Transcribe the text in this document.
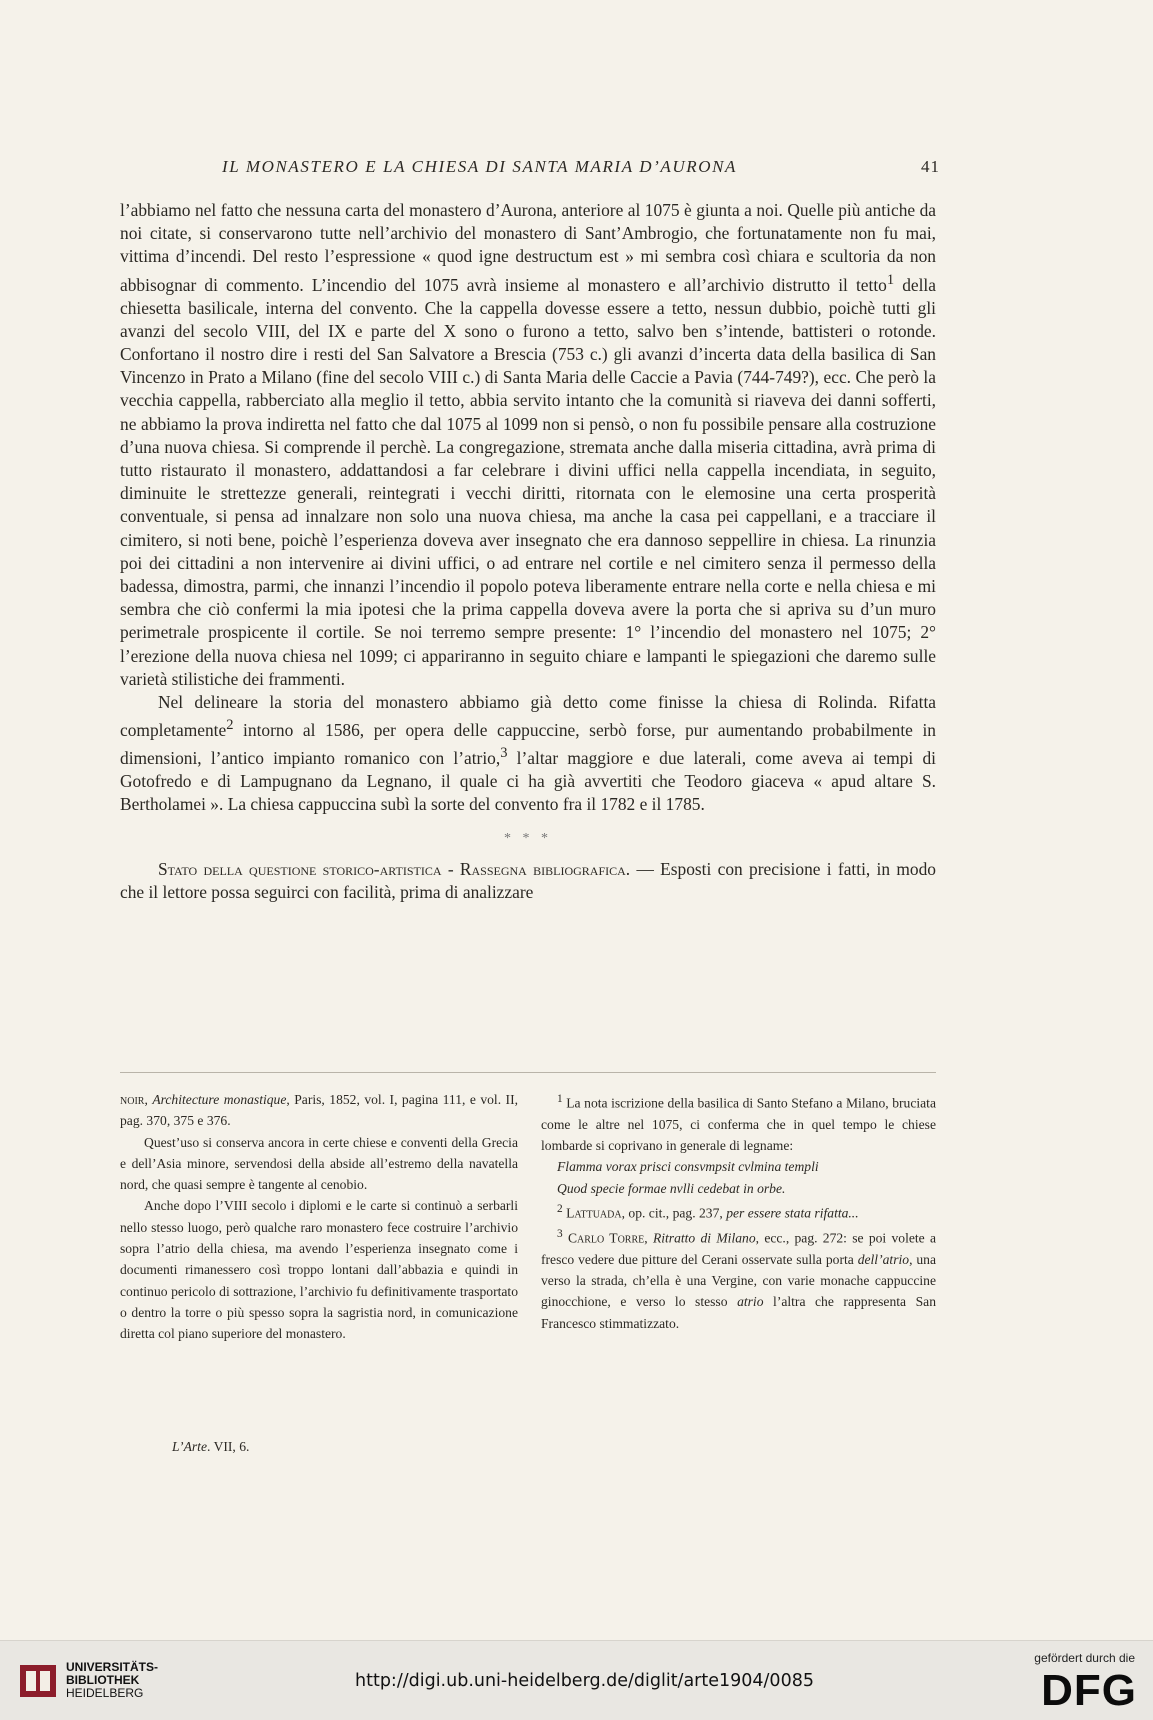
IL MONASTERO E LA CHIESA DI SANTA MARIA D’AURONA	41

l’abbiamo nel fatto che nessuna carta del monastero d’Aurona, anteriore al 1075 è giunta a noi. Quelle più antiche da noi citate, si conservarono tutte nell’archivio del monastero di Sant’Ambrogio, che fortunatamente non fu mai, vittima d’incendi. Del resto l’espressione « quod igne destructum est » mi sembra così chiara e scultoria da non abbisognar di commento. L’incendio del 1075 avrà insieme al monastero e all’archivio distrutto il tetto$^1$ della chiesetta basilicale, interna del convento. Che la cappella dovesse essere a tetto, nessun dubbio, poichè tutti gli avanzi del secolo VIII, del IX e parte del X sono o furono a tetto, salvo ben s’intende, battisteri o rotonde. Confortano il nostro dire i resti del San Salvatore a Brescia (753 c.) gli avanzi d’incerta data della basilica di San Vincenzo in Prato a Milano (fine del secolo VIII c.) di Santa Maria delle Caccie a Pavia (744-749?), ecc. Che però la vecchia cappella, rabberciato alla meglio il tetto, abbia servito intanto che la comunità si riaveva dei danni sofferti, ne abbiamo la prova indiretta nel fatto che dal 1075 al 1099 non si pensò, o non fu possibile pensare alla costruzione d’una nuova chiesa. Si comprende il perchè. La congregazione, stremata anche dalla miseria cittadina, avrà prima di tutto ristaurato il monastero, addattandosi a far celebrare i divini uffici nella cappella incendiata, in seguito, diminuite le strettezze generali, reintegrati i vecchi diritti, ritornata con le elemosine una certa prosperità conventuale, si pensa ad innalzare non solo una nuova chiesa, ma anche la casa pei cappellani, e a tracciare il cimitero, si noti bene, poichè l’esperienza doveva aver insegnato che era dannoso seppellire in chiesa. La rinunzia poi dei cittadini a non intervenire ai divini uffici, o ad entrare nel cortile e nel cimitero senza il permesso della badessa, dimostra, parmi, che innanzi l’incendio il popolo poteva liberamente entrare nella corte e nella chiesa e mi sembra che ciò confermi la mia ipotesi che la prima cappella doveva avere la porta che si apriva su d’un muro perimetrale prospicente il cortile. Se noi terremo sempre presente: 1° l’incendio del monastero nel 1075; 2° l’erezione della nuova chiesa nel 1099; ci appariranno in seguito chiare e lampanti le spiegazioni che daremo sulle varietà stilistiche dei frammenti.

Nel delineare la storia del monastero abbiamo già detto come finisse la chiesa di Rolinda. Rifatta completamente$^2$ intorno al 1586, per opera delle cappuccine, serbò forse, pur aumentando probabilmente in dimensioni, l’antico impianto romanico con l’atrio,$^3$ l’altar maggiore e due laterali, come aveva ai tempi di Gotofredo e di Lampugnano da Legnano, il quale ci ha già avvertiti che Teodoro giaceva « apud altare S. Bertholamei ». La chiesa cappuccina subì la sorte del convento fra il 1782 e il 1785.

* * *

Stato della questione storico-artistica - Rassegna bibliografica. — Esposti con precisione i fatti, in modo che il lettore possa seguirci con facilità, prima di analizzare

noir, Architecture monastique, Paris, 1852, vol. I, pagina 111, e vol. II, pag. 370, 375 e 376.

Quest’uso si conserva ancora in certe chiese e conventi della Grecia e dell’Asia minore, servendosi della abside all’estremo della navatella nord, che quasi sempre è tangente al cenobio.

Anche dopo l’VIII secolo i diplomi e le carte si continuò a serbarli nello stesso luogo, però qualche raro monastero fece costruire l’archivio sopra l’atrio della chiesa, ma avendo l’esperienza insegnato come i documenti rimanessero così troppo lontani dall’abbazia e quindi in continuo pericolo di sottrazione, l’archivio fu definitivamente trasportato o dentro la torre o più spesso sopra la sagristia nord, in comunicazione diretta col piano superiore del monastero.

$^1$ La nota iscrizione della basilica di Santo Stefano a Milano, bruciata come le altre nel 1075, ci conferma che in quel tempo le chiese lombarde si coprivano in generale di legname:

Flamma vorax prisci consvmpsit cvlmina templi

Quod specie formae nvlli cedebat in orbe.

$^2$ Lattuada, op. cit., pag. 237, per essere stata rifatta...

$^3$ Carlo Torre, Ritratto di Milano, ecc., pag. 272: se poi volete a fresco vedere due pitture del Cerani osservate sulla porta dell’atrio, una verso la strada, ch’ella è una Vergine, con varie monache cappuccine ginocchione, e verso lo stesso atrio l’altra che rappresenta San Francesco stimmatizzato.

L’Arte. VII, 6.
UNIVERSITÄTS-
BIBLIOTHEK
HEIDELBERG
http://digi.ub.uni-heidelberg.de/diglit/arte1904/0085
gefördert durch die
DFG
